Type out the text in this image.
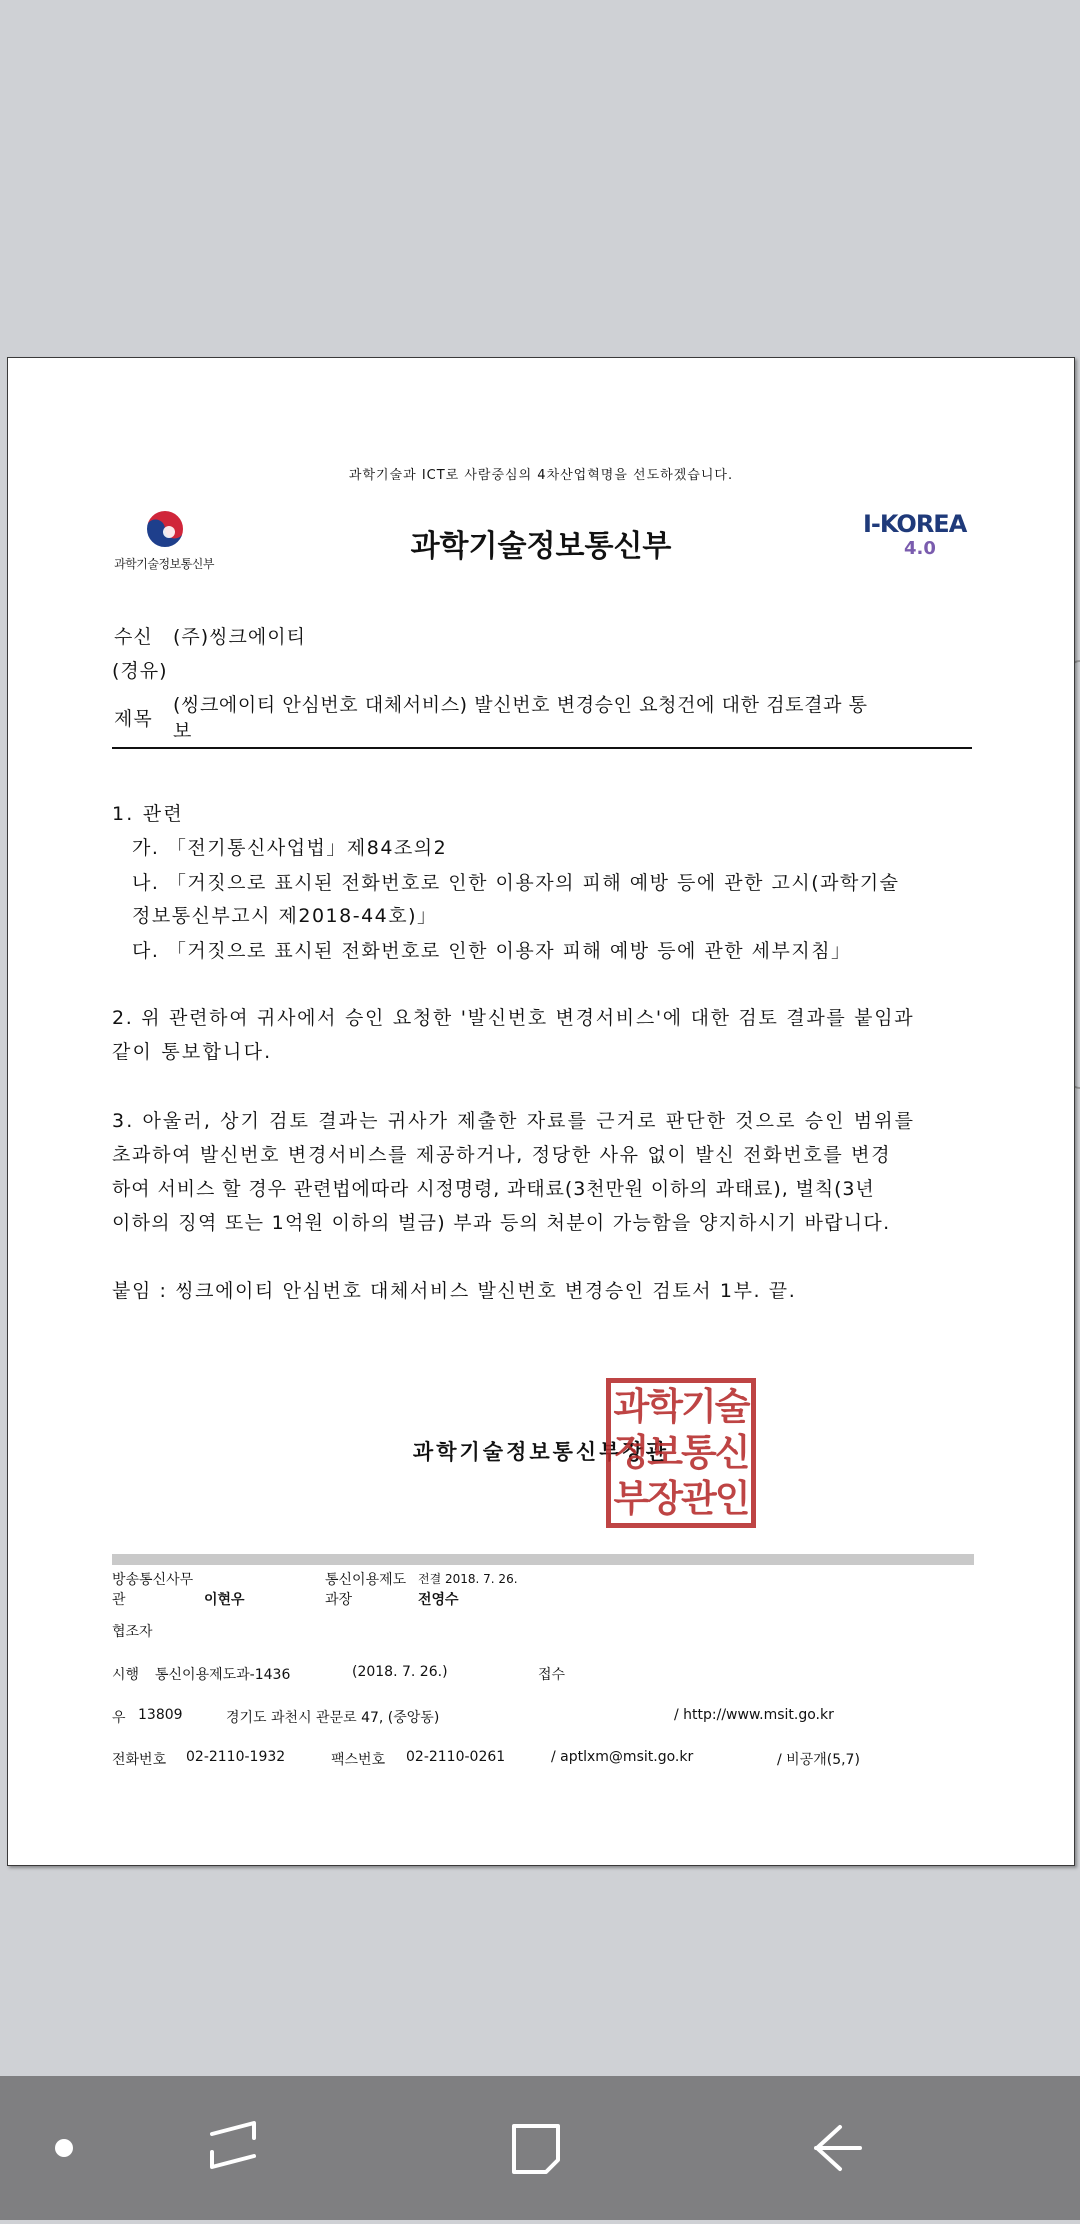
과학기술과 ICT로 사람중심의 4차산업혁명을 선도하겠습니다.
과학기술정보통신부	과학기술정보통신부
I-KOREA
4.0
수신 (주)씽크에이티
(경유)
제목
(씽크에이티 안심번호 대체서비스) 발신번호 변경승인 요청건에 대한 검토결과 통
보
1. 관련
가. 「전기통신사업법」제84조의2
나. 「거짓으로 표시된 전화번호로 인한 이용자의 피해 예방 등에 관한 고시(과학기술
정보통신부고시 제2018-44호)」
다. 「거짓으로 표시된 전화번호로 인한 이용자 피해 예방 등에 관한 세부지침」
2. 위 관련하여 귀사에서 승인 요청한 '발신번호 변경서비스'에 대한 검토 결과를 붙임과
같이 통보합니다.
3. 아울러, 상기 검토 결과는 귀사가 제출한 자료를 근거로 판단한 것으로 승인 범위를
초과하여 발신번호 변경서비스를 제공하거나, 정당한 사유 없이 발신 전화번호를 변경
하여 서비스 할 경우 관련법에따라 시정명령, 과태료(3천만원 이하의 과태료), 벌칙(3년
이하의 징역 또는 1억원 이하의 벌금) 부과 등의 처분이 가능함을 양지하시기 바랍니다.
붙임 : 씽크에이티 안심번호 대체서비스 발신번호 변경승인 검토서 1부. 끝.
과학기술정보통신부장관
과학기술
정보통신
부장관인
방송통신사무
관	이현우
통신이용제도 전결 2018. 7. 26.
과장	전영수
협조자
시행 통신이용제도과-1436	(2018. 7. 26.)	접수
우 13809	경기도 과천시 관문로 47, (중앙동)	/ http://www.msit.go.kr
전화번호 02-2110-1932	팩스번호 02-2110-0261	/ aptlxm@msit.go.kr	/ 비공개(5,7)
